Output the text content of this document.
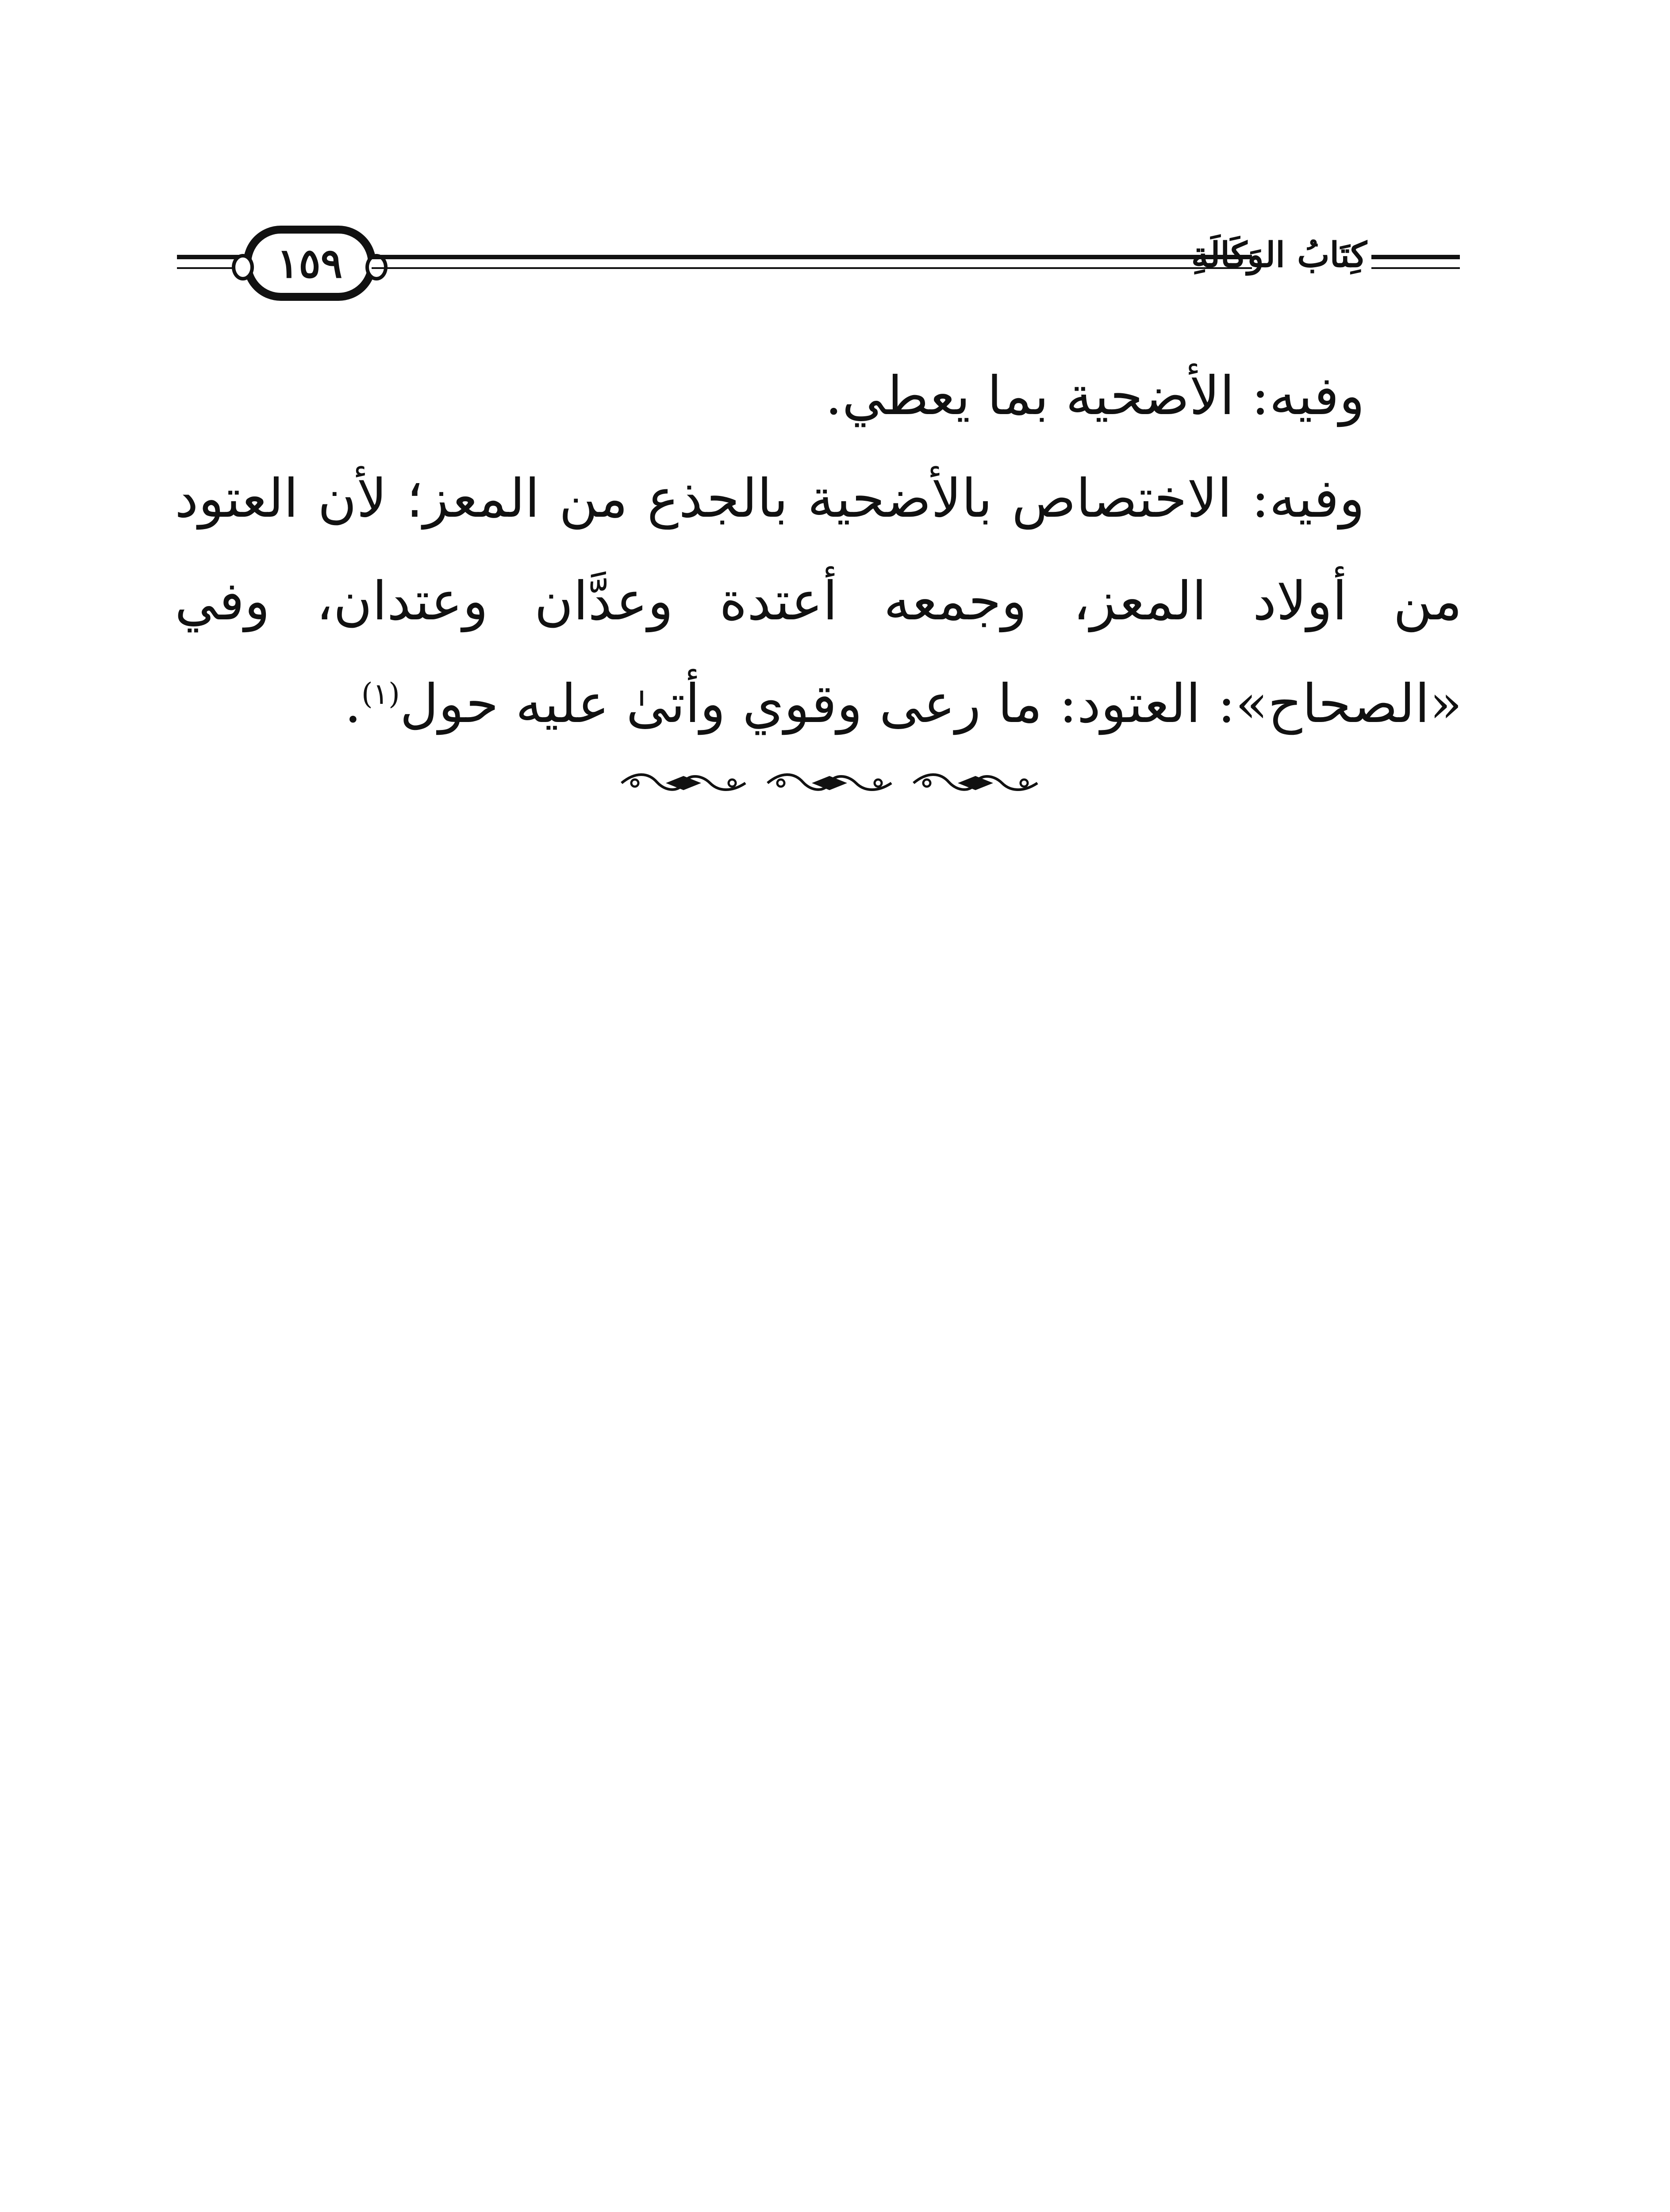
١٥٩	كِتَابُ الوَكَالَةِ

وفيه: الأضحية بما يعطي.

وفيه: الاختصاص بالأضحية بالجذع من المعز؛ لأن العتود من أولاد المعز، وجمعه أعتدة وعدَّان وعتدان، وفي «الصحاح»: العتود: ما رعى وقوي وأتىٰ عليه حول$^{(١)}$.
